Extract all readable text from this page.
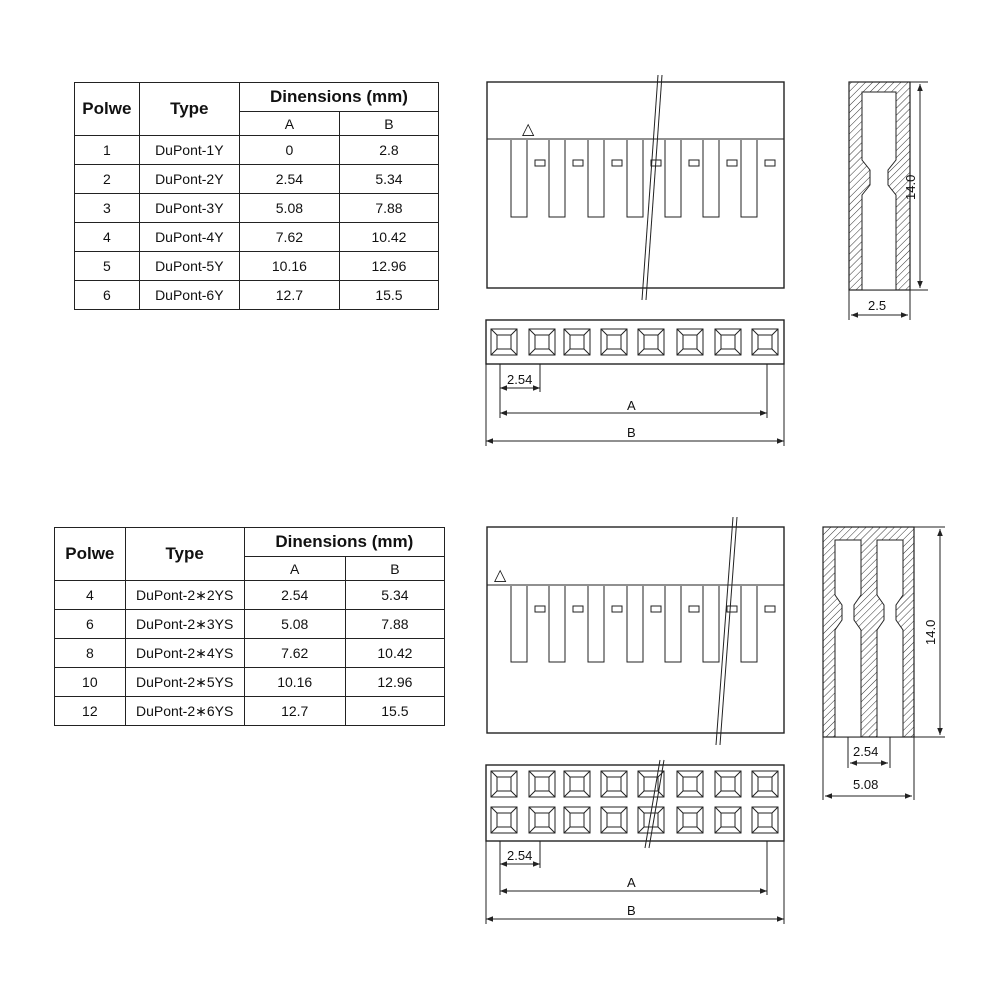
Polwe	Type	Dinensions (mm)	
		A	B
1	DuPont-1Y	0	2.8
2	DuPont-2Y	2.54	5.34
3	DuPont-3Y	5.08	7.88
4	DuPont-4Y	7.62	10.42
5	DuPont-5Y	10.16	12.96
6	DuPont-6Y	12.7	15.5
Polwe	Type	Dinensions (mm)	
		A	B
4	DuPont-2∗2YS	2.54	5.34
6	DuPont-2∗3YS	5.08	7.88
8	DuPont-2∗4YS	7.62	10.42
10	DuPont-2∗5YS	10.16	12.96
12	DuPont-2∗6YS	12.7	15.5
△
2.54
A
B
14.0
2.5
△
2.54
A
B
14.0
2.54
5.08
